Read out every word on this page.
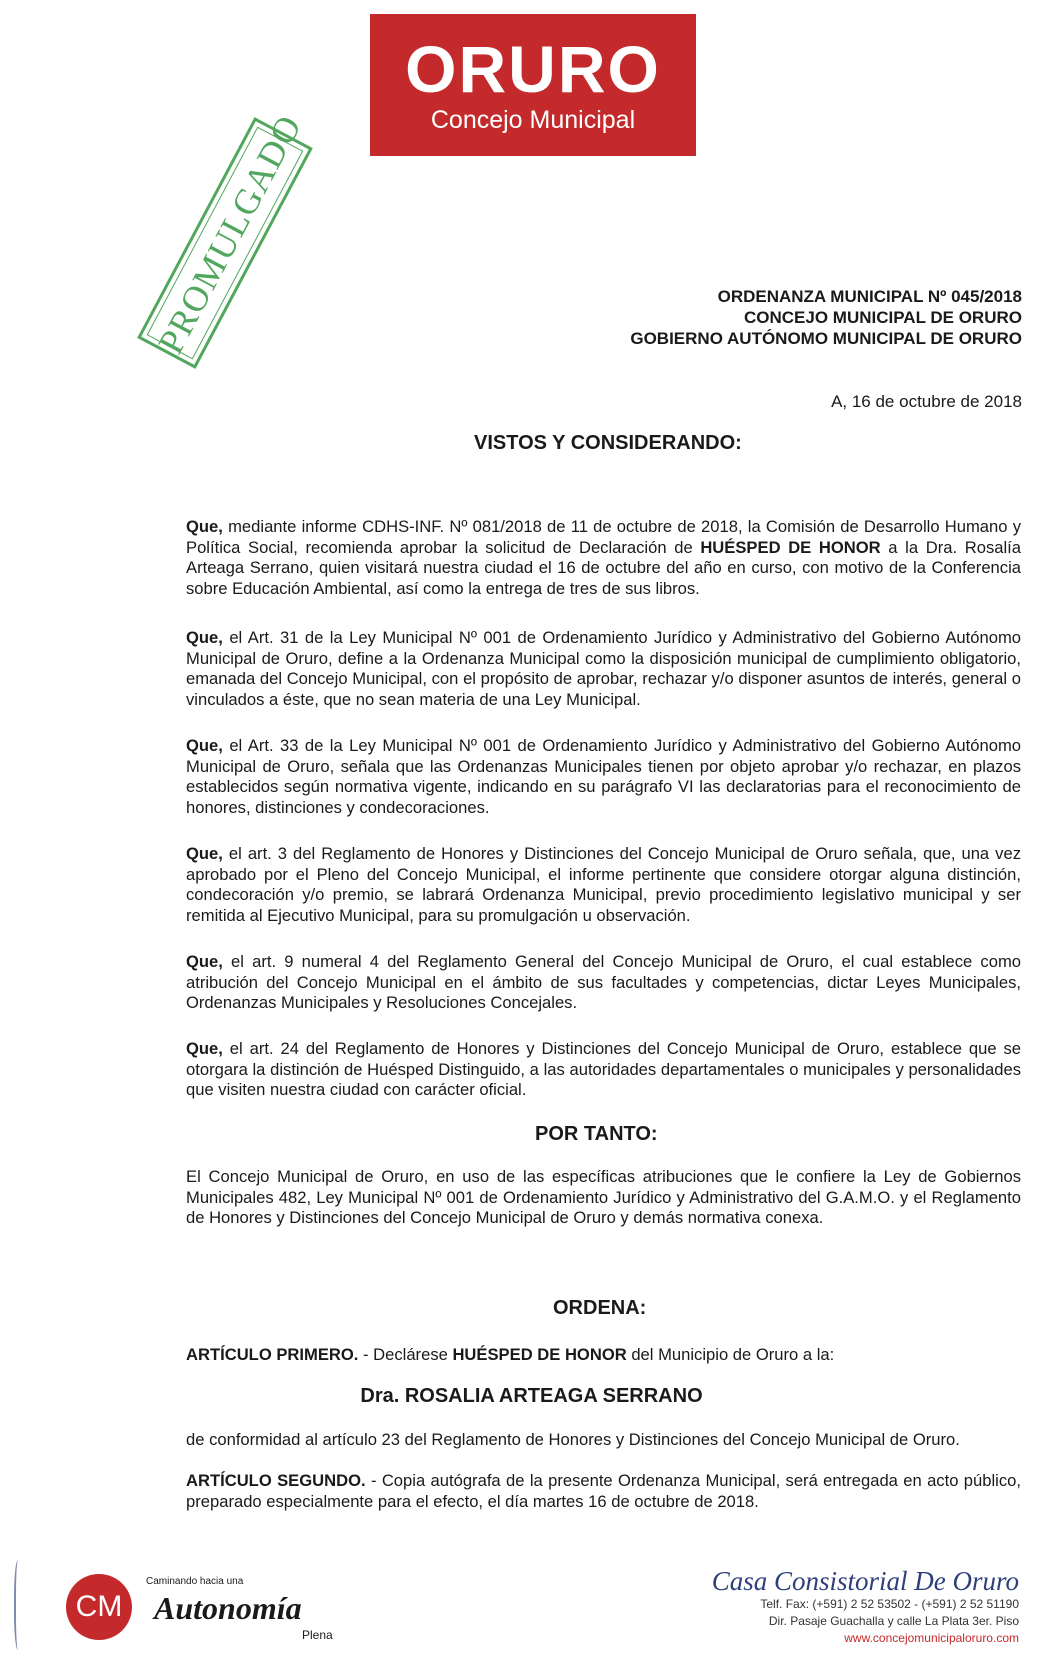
ORURO
Concejo Municipal
PROMULGADO	ORDENANZA MUNICIPAL Nº 045/2018
CONCEJO MUNICIPAL DE ORURO
GOBIERNO AUTÓNOMO MUNICIPAL DE ORURO
A, 16 de octubre de 2018
VISTOS Y CONSIDERANDO:
Que, mediante informe CDHS-INF. Nº 081/2018 de 11 de octubre de 2018, la Comisión de Desarrollo Humano y Política Social, recomienda aprobar la solicitud de Declaración de HUÉSPED DE HONOR a la Dra. Rosalía Arteaga Serrano, quien visitará nuestra ciudad el 16 de octubre del año en curso, con motivo de la Conferencia sobre Educación Ambiental, así como la entrega de tres de sus libros.
Que, el Art. 31 de la Ley Municipal Nº 001 de Ordenamiento Jurídico y Administrativo del Gobierno Autónomo Municipal de Oruro, define a la Ordenanza Municipal como la disposición municipal de cumplimiento obligatorio, emanada del Concejo Municipal, con el propósito de aprobar, rechazar y/o disponer asuntos de interés, general o vinculados a éste, que no sean materia de una Ley Municipal.
Que, el Art. 33 de la Ley Municipal Nº 001 de Ordenamiento Jurídico y Administrativo del Gobierno Autónomo Municipal de Oruro, señala que las Ordenanzas Municipales tienen por objeto aprobar y/o rechazar, en plazos establecidos según normativa vigente, indicando en su parágrafo VI las declaratorias para el reconocimiento de honores, distinciones y condecoraciones.
Que, el art. 3 del Reglamento de Honores y Distinciones del Concejo Municipal de Oruro señala, que, una vez aprobado por el Pleno del Concejo Municipal, el informe pertinente que considere otorgar alguna distinción, condecoración y/o premio, se labrará Ordenanza Municipal, previo procedimiento legislativo municipal y ser remitida al Ejecutivo Municipal, para su promulgación u observación.
Que, el art. 9 numeral 4 del Reglamento General del Concejo Municipal de Oruro, el cual establece como atribución del Concejo Municipal en el ámbito de sus facultades y competencias, dictar Leyes Municipales, Ordenanzas Municipales y Resoluciones Concejales.
Que, el art. 24 del Reglamento de Honores y Distinciones del Concejo Municipal de Oruro, establece que se otorgara la distinción de Huésped Distinguido, a las autoridades departamentales o municipales y personalidades que visiten nuestra ciudad con carácter oficial.
POR TANTO:
El Concejo Municipal de Oruro, en uso de las específicas atribuciones que le confiere la Ley de Gobiernos Municipales 482, Ley Municipal Nº 001 de Ordenamiento Jurídico y Administrativo del G.A.M.O. y el Reglamento de Honores y Distinciones del Concejo Municipal de Oruro y demás normativa conexa.
ORDENA:
ARTÍCULO PRIMERO. - Declárese HUÉSPED DE HONOR del Municipio de Oruro a la:
Dra. ROSALIA ARTEAGA SERRANO
de conformidad al artículo 23 del Reglamento de Honores y Distinciones del Concejo Municipal de Oruro.
ARTÍCULO SEGUNDO. - Copia autógrafa de la presente Ordenanza Municipal, será entregada en acto público, preparado especialmente para el efecto, el día martes 16 de octubre de 2018.
CM
Caminando hacia una
Autonomía
Plena
Casa Consistorial De Oruro
Telf. Fax: (+591) 2 52 53502 - (+591) 2 52 51190
Dir. Pasaje Guachalla y calle La Plata 3er. Piso
www.concejomunicipaloruro.com
